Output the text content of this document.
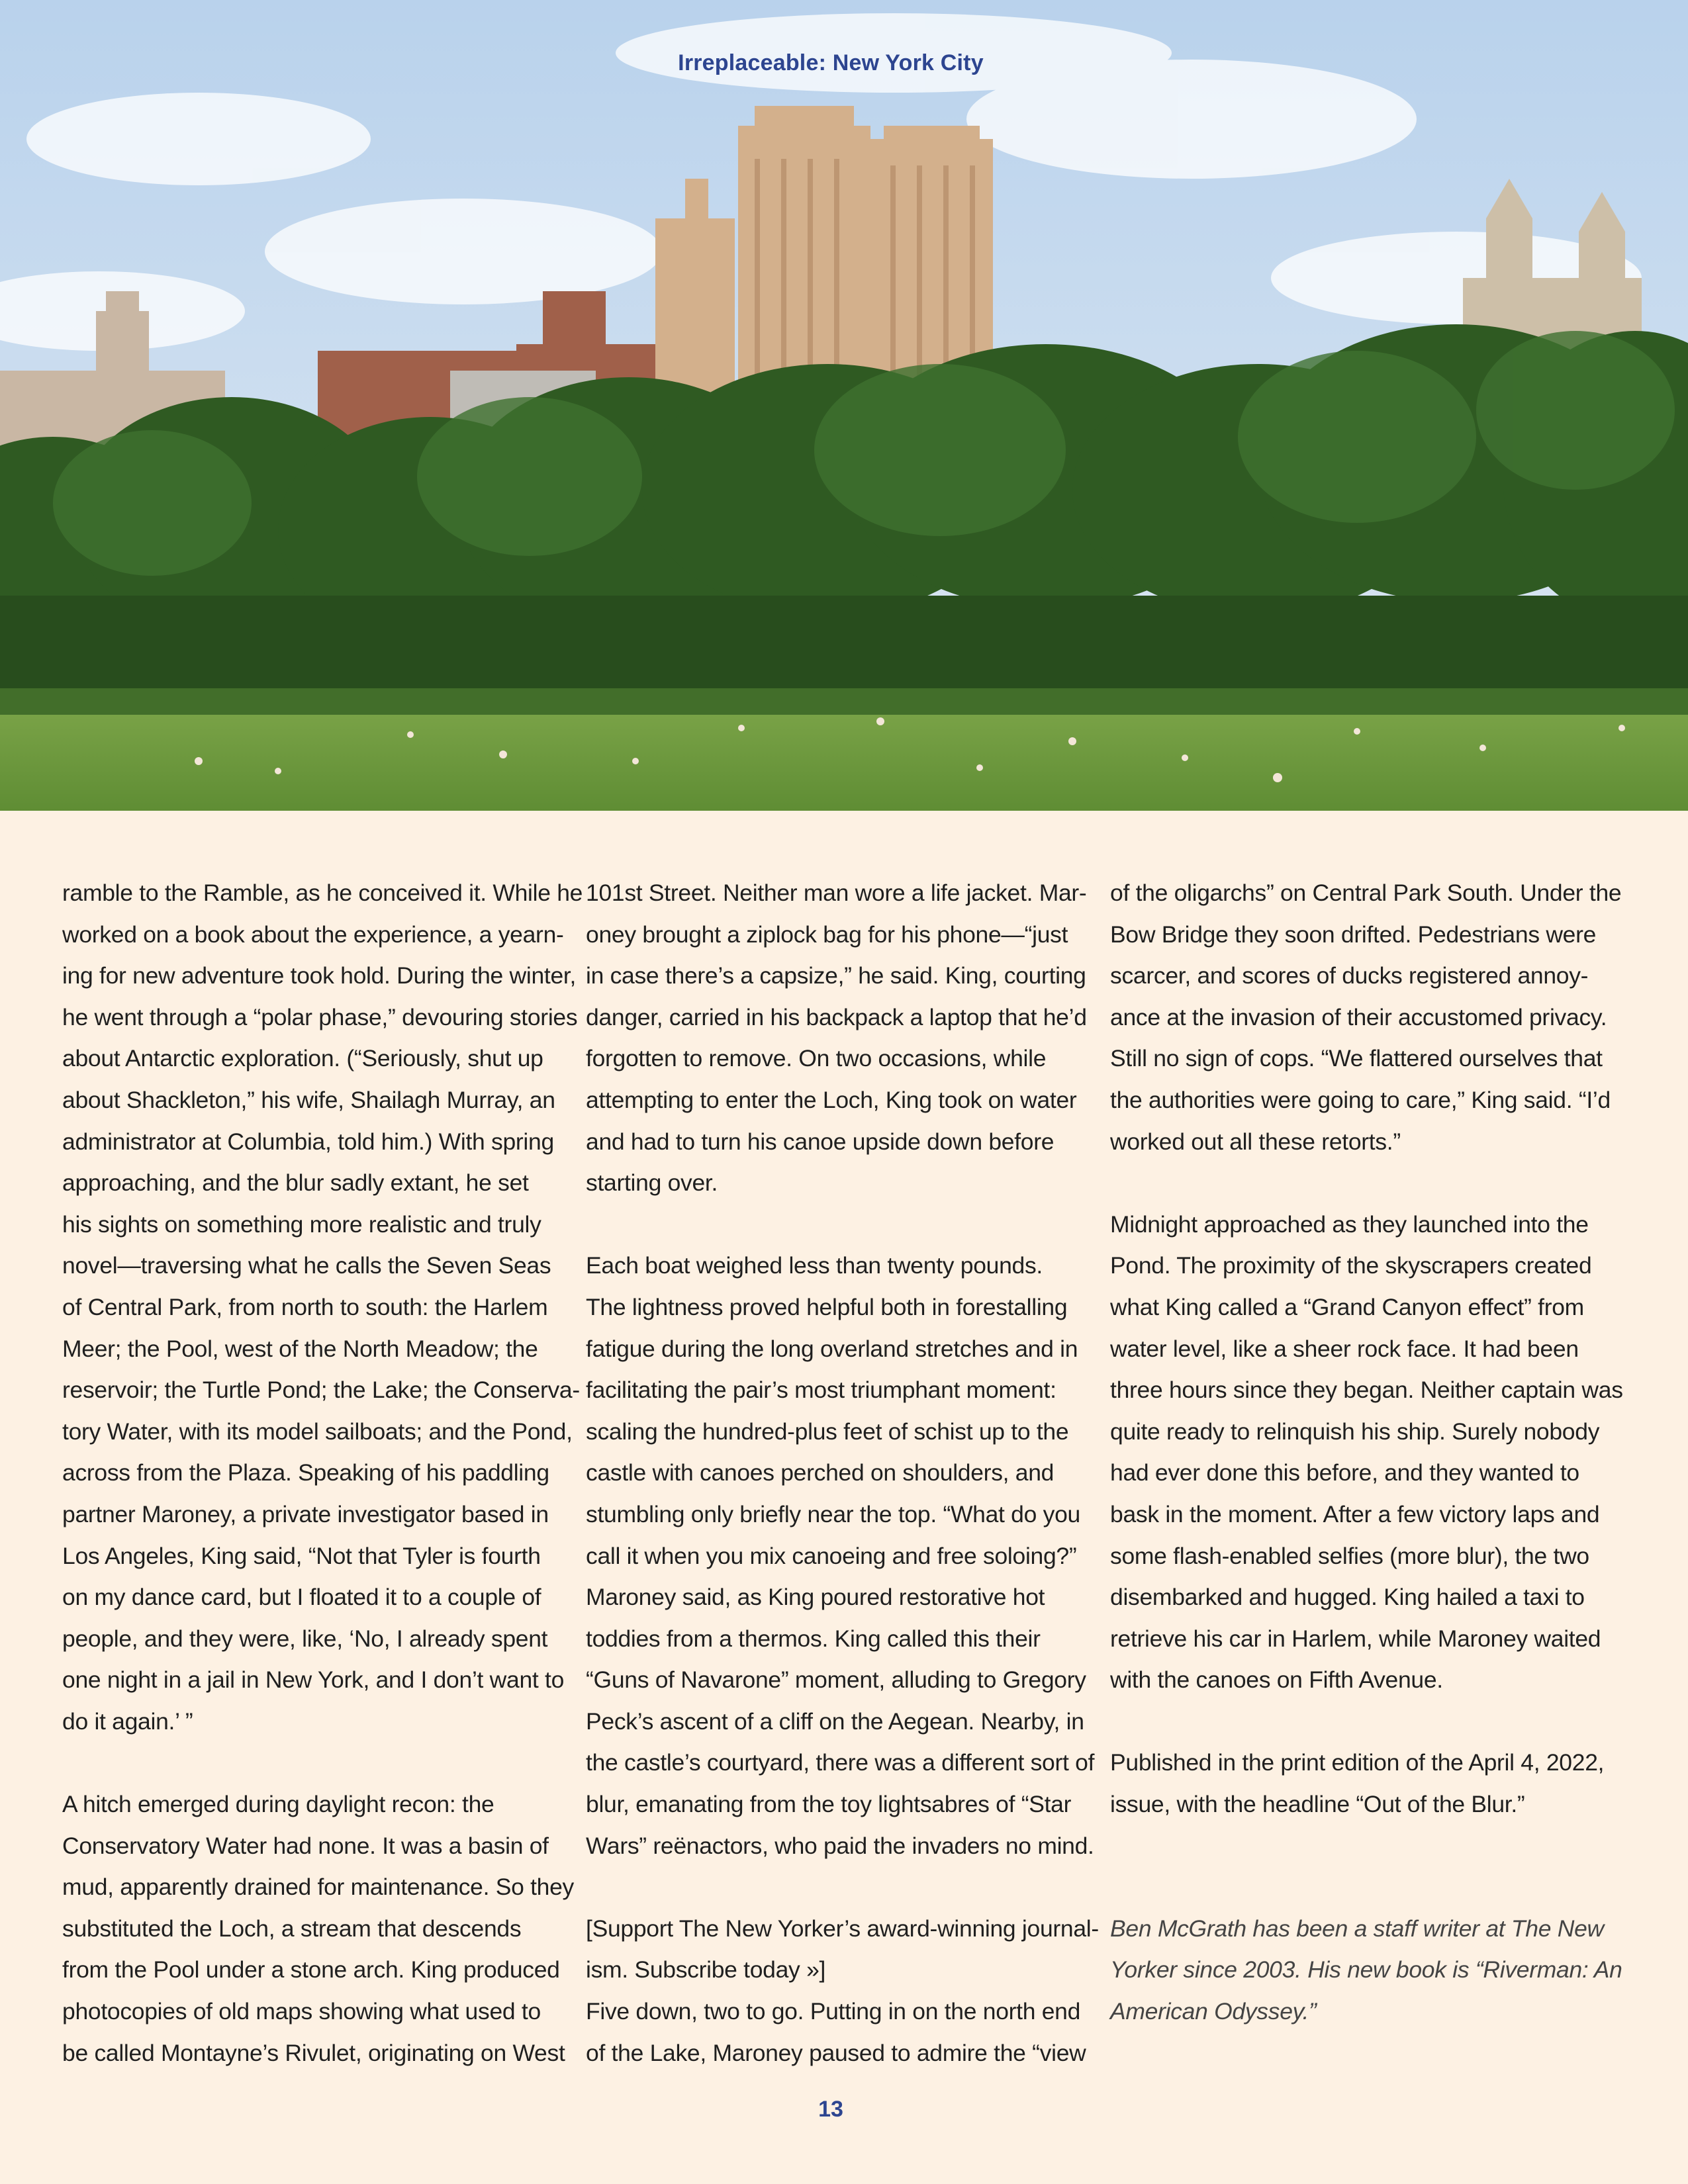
Irreplaceable: New York City

ramble to the Ramble, as he conceived it. While he

worked on a book about the experience, a yearn-

ing for new adventure took hold. During the winter,

he went through a “polar phase,” devouring stories

about Antarctic exploration. (“Seriously, shut up

about Shackleton,” his wife, Shailagh Murray, an

administrator at Columbia, told him.) With spring

approaching, and the blur sadly extant, he set

his sights on something more realistic and truly

novel—traversing what he calls the Seven Seas

of Central Park, from north to south: the Harlem

Meer; the Pool, west of the North Meadow; the

reservoir; the Turtle Pond; the Lake; the Conserva-

tory Water, with its model sailboats; and the Pond,

across from the Plaza. Speaking of his paddling

partner Maroney, a private investigator based in

Los Angeles, King said, “Not that Tyler is fourth

on my dance card, but I floated it to a couple of

people, and they were, like, ‘No, I already spent

one night in a jail in New York, and I don’t want to

do it again.’ ”

A hitch emerged during daylight recon: the

Conservatory Water had none. It was a basin of

mud, apparently drained for maintenance. So they

substituted the Loch, a stream that descends

from the Pool under a stone arch. King produced

photocopies of old maps showing what used to

be called Montayne’s Rivulet, originating on West

101st Street. Neither man wore a life jacket. Mar-

oney brought a ziplock bag for his phone—“just

in case there’s a capsize,” he said. King, courting

danger, carried in his backpack a laptop that he’d

forgotten to remove. On two occasions, while

attempting to enter the Loch, King took on water

and had to turn his canoe upside down before

starting over.

Each boat weighed less than twenty pounds.

The lightness proved helpful both in forestalling

fatigue during the long overland stretches and in

facilitating the pair’s most triumphant moment:

scaling the hundred-plus feet of schist up to the

castle with canoes perched on shoulders, and

stumbling only briefly near the top. “What do you

call it when you mix canoeing and free soloing?”

Maroney said, as King poured restorative hot

toddies from a thermos. King called this their

“Guns of Navarone” moment, alluding to Gregory

Peck’s ascent of a cliff on the Aegean. Nearby, in

the castle’s courtyard, there was a different sort of

blur, emanating from the toy lightsabres of “Star

Wars” reënactors, who paid the invaders no mind.

[Support The New Yorker’s award-winning journal-

ism. Subscribe today »]

Five down, two to go. Putting in on the north end

of the Lake, Maroney paused to admire the “view

of the oligarchs” on Central Park South. Under the

Bow Bridge they soon drifted. Pedestrians were

scarcer, and scores of ducks registered annoy-

ance at the invasion of their accustomed privacy.

Still no sign of cops. “We flattered ourselves that

the authorities were going to care,” King said. “I’d

worked out all these retorts.”

Midnight approached as they launched into the

Pond. The proximity of the skyscrapers created

what King called a “Grand Canyon effect” from

water level, like a sheer rock face. It had been

three hours since they began. Neither captain was

quite ready to relinquish his ship. Surely nobody

had ever done this before, and they wanted to

bask in the moment. After a few victory laps and

some flash-enabled selfies (more blur), the two

disembarked and hugged. King hailed a taxi to

retrieve his car in Harlem, while Maroney waited

with the canoes on Fifth Avenue.

Published in the print edition of the April 4, 2022,

issue, with the headline “Out of the Blur.”

Ben McGrath has been a staff writer at The New

Yorker since 2003. His new book is “Riverman: An

American Odyssey.”

13
